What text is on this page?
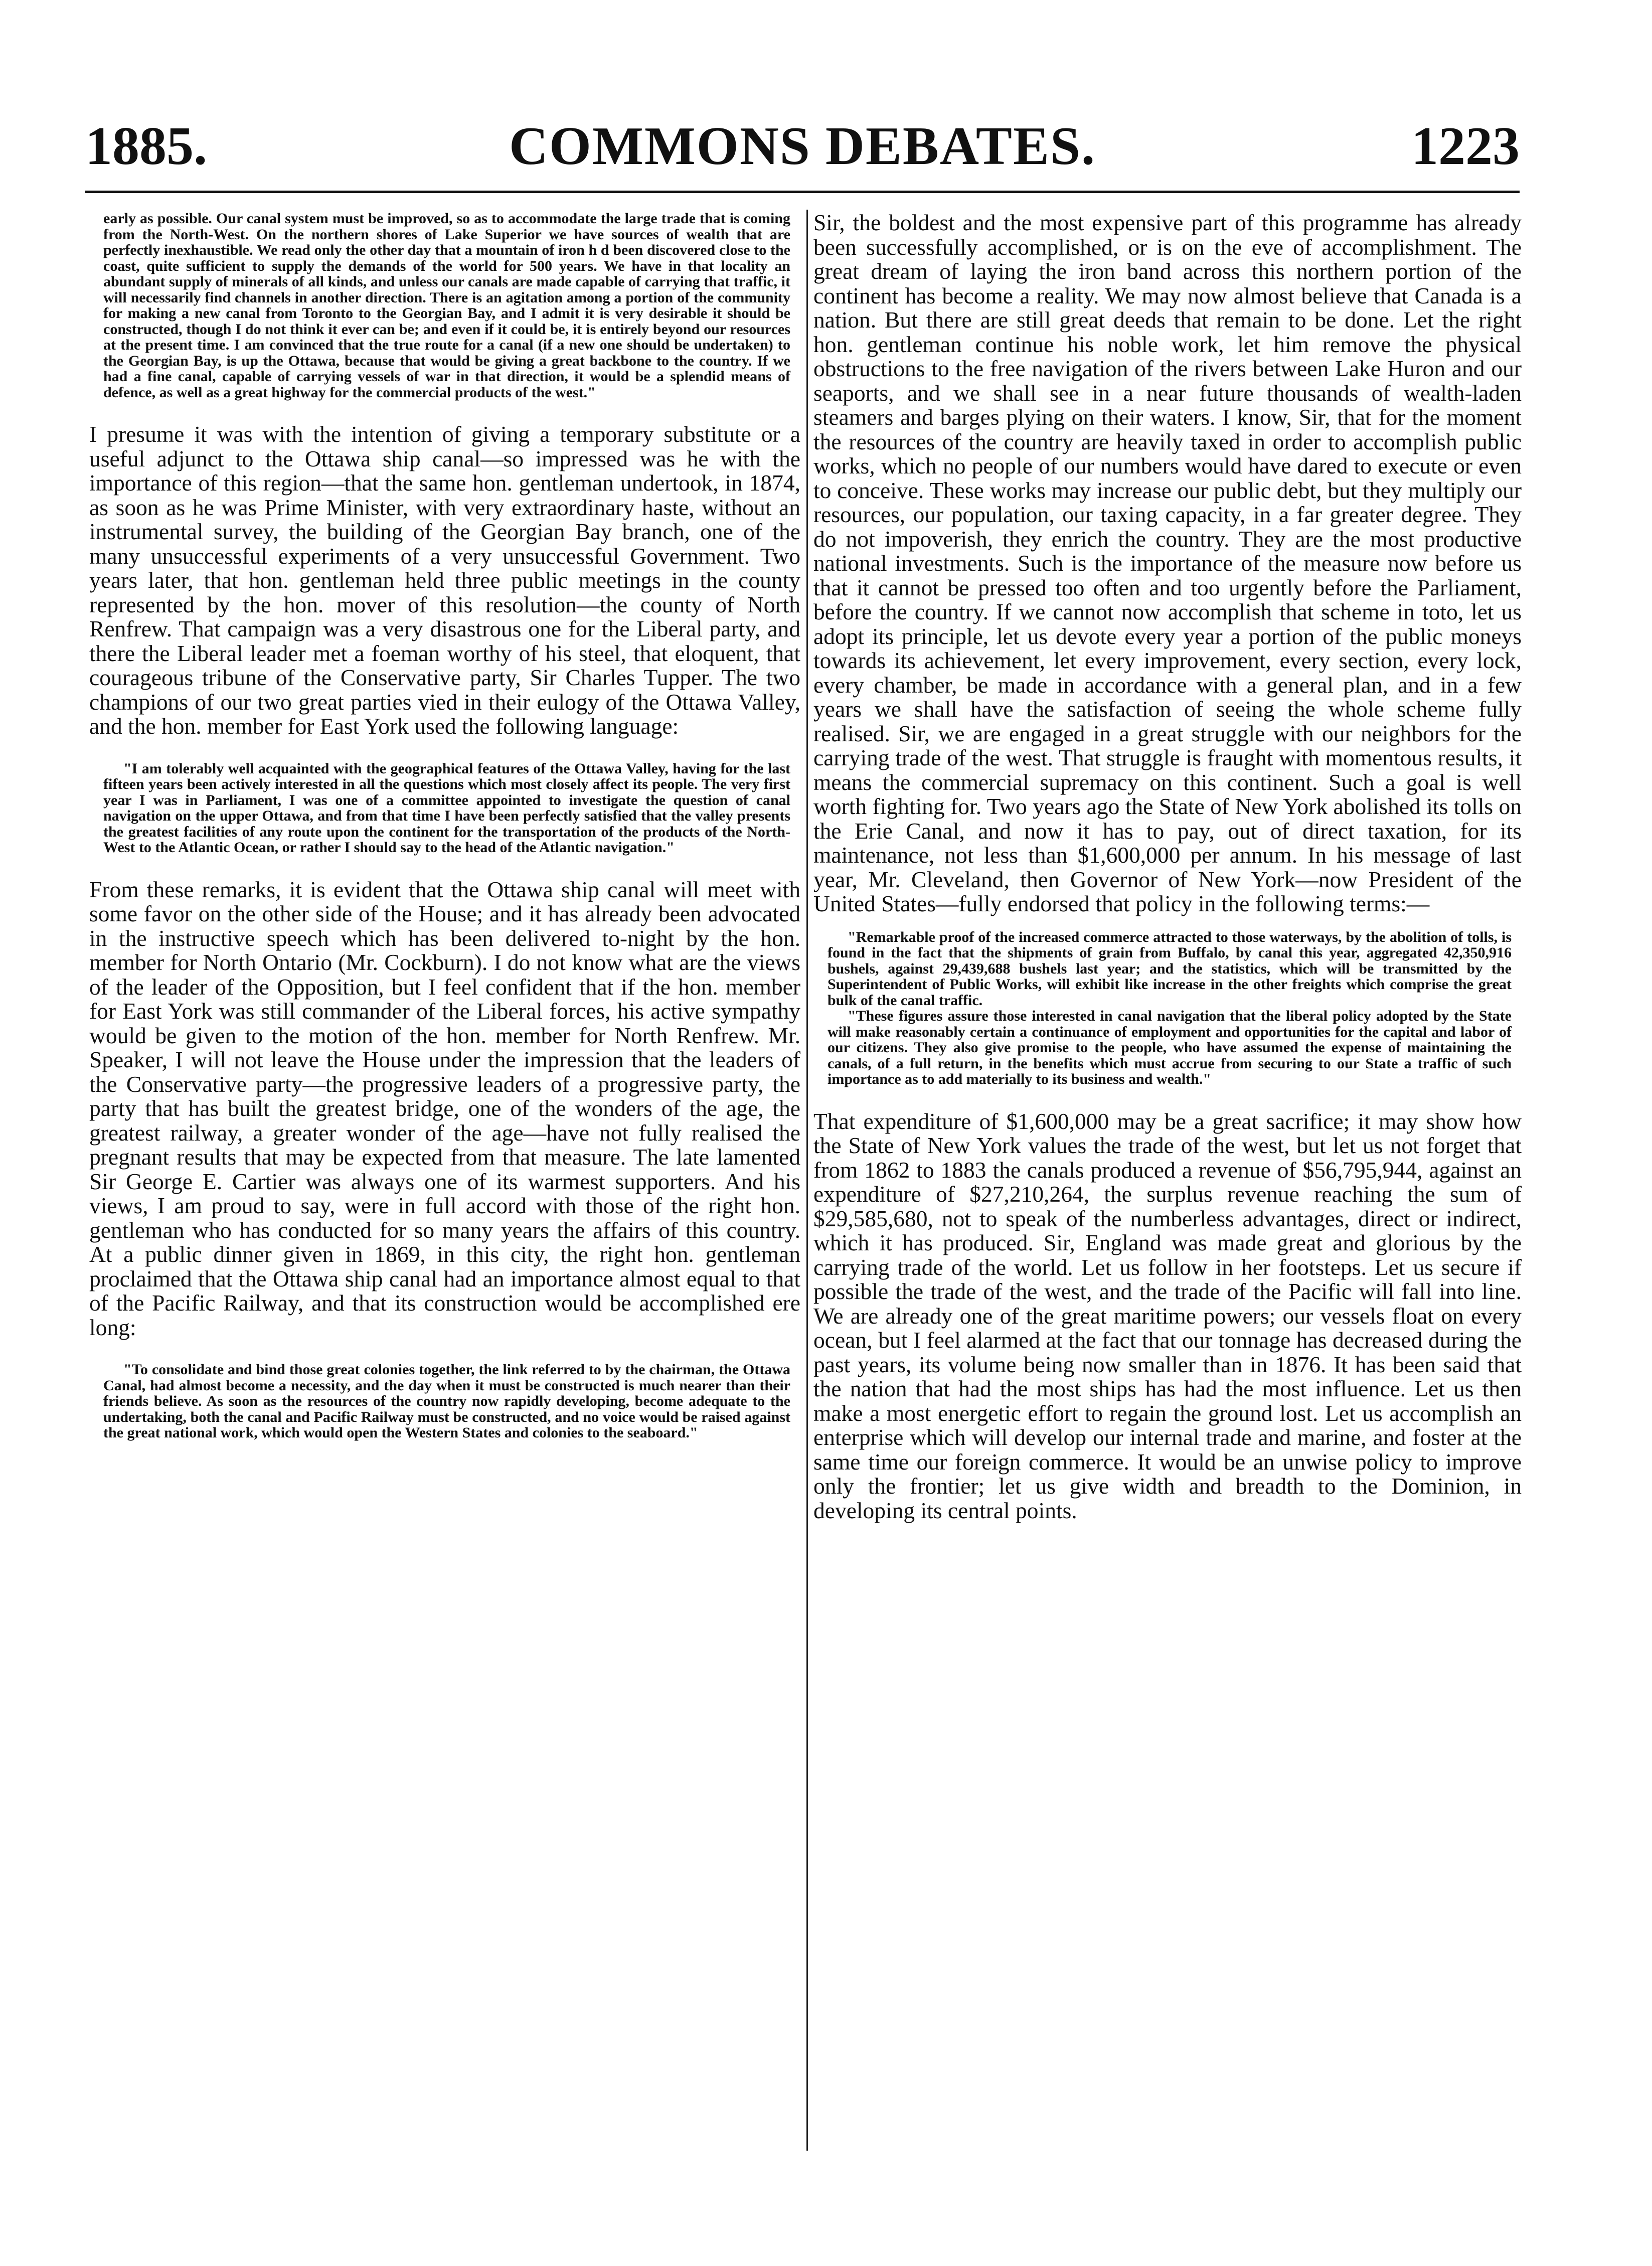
COMMONS DEBATES.
1885.	1223

early as possible. Our canal system must be improved, so as to accommodate the large trade that is coming from the North-West. On the northern shores of Lake Superior we have sources of wealth that are perfectly inexhaustible. We read only the other day that a mountain of iron h d been discovered close to the coast, quite sufficient to supply the demands of the world for 500 years. We have in that locality an abundant supply of minerals of all kinds, and unless our canals are made capable of carrying that traffic, it will necessarily find channels in another direction. There is an agitation among a portion of the community for making a new canal from Toronto to the Georgian Bay, and I admit it is very desirable it should be constructed, though I do not think it ever can be; and even if it could be, it is entirely beyond our resources at the present time. I am convinced that the true route for a canal (if a new one should be undertaken) to the Georgian Bay, is up the Ottawa, because that would be giving a great backbone to the country. If we had a fine canal, capable of carrying vessels of war in that direction, it would be a splendid means of defence, as well as a great highway for the commercial products of the west."

I presume it was with the intention of giving a temporary substitute or a useful adjunct to the Ottawa ship canal—so impressed was he with the importance of this region—that the same hon. gentleman undertook, in 1874, as soon as he was Prime Minister, with very extraordinary haste, without an instrumental survey, the building of the Georgian Bay branch, one of the many unsuccessful experiments of a very unsuccessful Government. Two years later, that hon. gentleman held three public meetings in the county represented by the hon. mover of this resolution—the county of North Renfrew. That campaign was a very disastrous one for the Liberal party, and there the Liberal leader met a foeman worthy of his steel, that eloquent, that courageous tribune of the Conservative party, Sir Charles Tupper. The two champions of our two great parties vied in their eulogy of the Ottawa Valley, and the hon. member for East York used the following language:

"I am tolerably well acquainted with the geographical features of the Ottawa Valley, having for the last fifteen years been actively interested in all the questions which most closely affect its people. The very first year I was in Parliament, I was one of a committee appointed to investigate the question of canal navigation on the upper Ottawa, and from that time I have been perfectly satisfied that the valley presents the greatest facilities of any route upon the continent for the transportation of the products of the North-West to the Atlantic Ocean, or rather I should say to the head of the Atlantic navigation."

From these remarks, it is evident that the Ottawa ship canal will meet with some favor on the other side of the House; and it has already been advocated in the instructive speech which has been delivered to-night by the hon. member for North Ontario (Mr. Cockburn). I do not know what are the views of the leader of the Opposition, but I feel confident that if the hon. member for East York was still commander of the Liberal forces, his active sympathy would be given to the motion of the hon. member for North Renfrew. Mr. Speaker, I will not leave the House under the impression that the leaders of the Conservative party—the progressive leaders of a progressive party, the party that has built the greatest bridge, one of the wonders of the age, the greatest railway, a greater wonder of the age—have not fully realised the pregnant results that may be expected from that measure. The late lamented Sir George E. Cartier was always one of its warmest supporters. And his views, I am proud to say, were in full accord with those of the right hon. gentleman who has conducted for so many years the affairs of this country. At a public dinner given in 1869, in this city, the right hon. gentleman proclaimed that the Ottawa ship canal had an importance almost equal to that of the Pacific Railway, and that its construction would be accomplished ere long:

"To consolidate and bind those great colonies together, the link referred to by the chairman, the Ottawa Canal, had almost become a necessity, and the day when it must be constructed is much nearer than their friends believe. As soon as the resources of the country now rapidly developing, become adequate to the undertaking, both the canal and Pacific Railway must be constructed, and no voice would be raised against the great national work, which would open the Western States and colonies to the seaboard."

Sir, the boldest and the most expensive part of this programme has already been successfully accomplished, or is on the eve of accomplishment. The great dream of laying the iron band across this northern portion of the continent has become a reality. We may now almost believe that Canada is a nation. But there are still great deeds that remain to be done. Let the right hon. gentleman continue his noble work, let him remove the physical obstructions to the free navigation of the rivers between Lake Huron and our seaports, and we shall see in a near future thousands of wealth-laden steamers and barges plying on their waters. I know, Sir, that for the moment the resources of the country are heavily taxed in order to accomplish public works, which no people of our numbers would have dared to execute or even to conceive. These works may increase our public debt, but they multiply our resources, our population, our taxing capacity, in a far greater degree. They do not impoverish, they enrich the country. They are the most productive national investments. Such is the importance of the measure now before us that it cannot be pressed too often and too urgently before the Parliament, before the country. If we cannot now accomplish that scheme in toto, let us adopt its principle, let us devote every year a portion of the public moneys towards its achievement, let every improvement, every section, every lock, every chamber, be made in accordance with a general plan, and in a few years we shall have the satisfaction of seeing the whole scheme fully realised. Sir, we are engaged in a great struggle with our neighbors for the carrying trade of the west. That struggle is fraught with momentous results, it means the commercial supremacy on this continent. Such a goal is well worth fighting for. Two years ago the State of New York abolished its tolls on the Erie Canal, and now it has to pay, out of direct taxation, for its maintenance, not less than $1,600,000 per annum. In his message of last year, Mr. Cleveland, then Governor of New York—now President of the United States—fully endorsed that policy in the following terms:—

"Remarkable proof of the increased commerce attracted to those waterways, by the abolition of tolls, is found in the fact that the shipments of grain from Buffalo, by canal this year, aggregated 42,350,916 bushels, against 29,439,688 bushels last year; and the statistics, which will be transmitted by the Superintendent of Public Works, will exhibit like increase in the other freights which comprise the great bulk of the canal traffic.

"These figures assure those interested in canal navigation that the liberal policy adopted by the State will make reasonably certain a continuance of employment and opportunities for the capital and labor of our citizens. They also give promise to the people, who have assumed the expense of maintaining the canals, of a full return, in the benefits which must accrue from securing to our State a traffic of such importance as to add materially to its business and wealth."

That expenditure of $1,600,000 may be a great sacrifice; it may show how the State of New York values the trade of the west, but let us not forget that from 1862 to 1883 the canals produced a revenue of $56,795,944, against an expenditure of $27,210,264, the surplus revenue reaching the sum of $29,585,680, not to speak of the numberless advantages, direct or indirect, which it has produced. Sir, England was made great and glorious by the carrying trade of the world. Let us follow in her footsteps. Let us secure if possible the trade of the west, and the trade of the Pacific will fall into line. We are already one of the great maritime powers; our vessels float on every ocean, but I feel alarmed at the fact that our tonnage has decreased during the past years, its volume being now smaller than in 1876. It has been said that the nation that had the most ships has had the most influence. Let us then make a most energetic effort to regain the ground lost. Let us accomplish an enterprise which will develop our internal trade and marine, and foster at the same time our foreign commerce. It would be an unwise policy to improve only the frontier; let us give width and breadth to the Dominion, in developing its central points.
